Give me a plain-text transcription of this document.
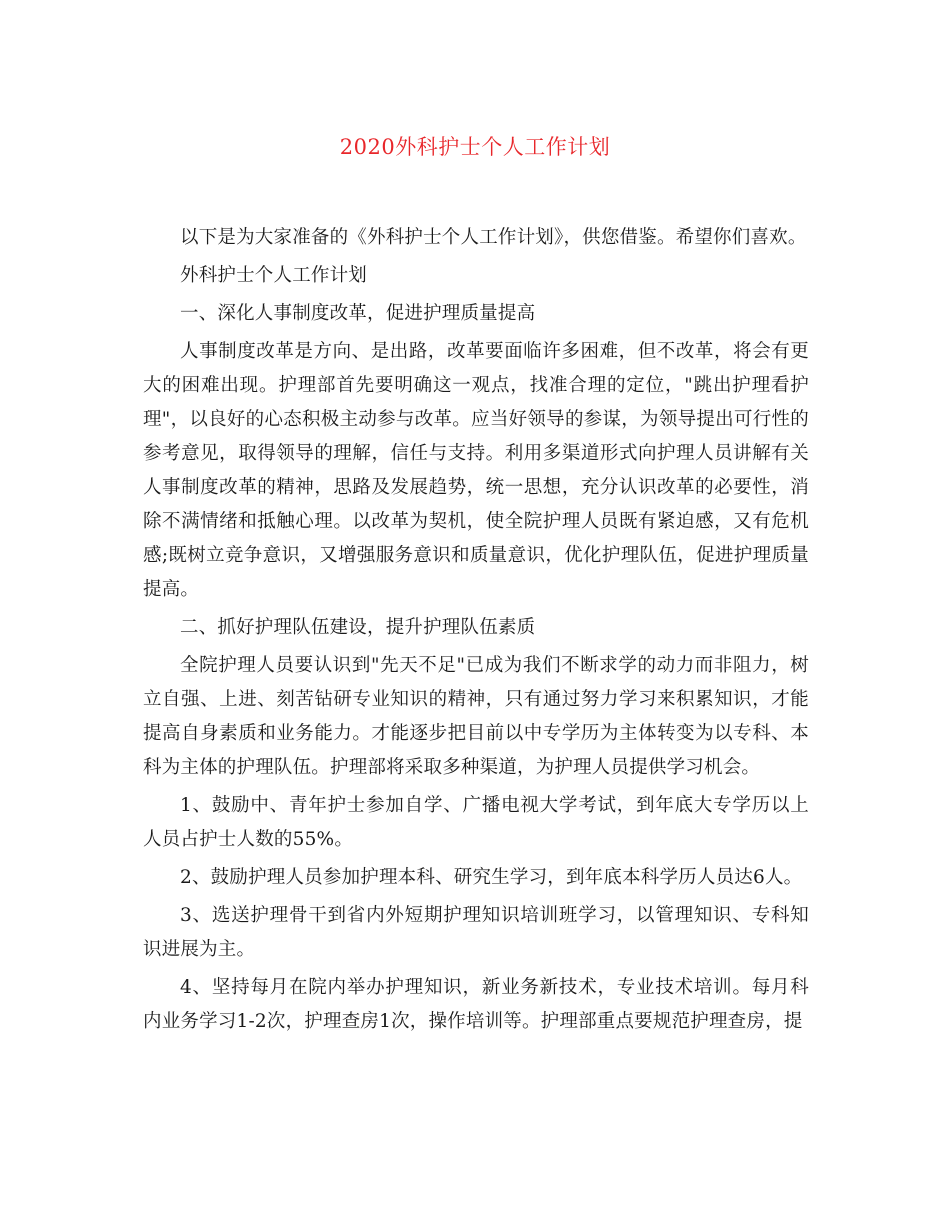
2020外科护士个人工作计划

以下是为大家准备的《外科护士个人工作计划》，供您借鉴。希望你们喜欢。

外科护士个人工作计划

一、深化人事制度改革，促进护理质量提高

人事制度改革是方向、是出路，改革要面临许多困难，但不改革，将会有更大的困难出现。护理部首先要明确这一观点，找准合理的定位，"跳出护理看护理"，以良好的心态积极主动参与改革。应当好领导的参谋，为领导提出可行性的参考意见，取得领导的理解，信任与支持。利用多渠道形式向护理人员讲解有关人事制度改革的精神，思路及发展趋势，统一思想，充分认识改革的必要性，消除不满情绪和抵触心理。以改革为契机，使全院护理人员既有紧迫感，又有危机感;既树立竞争意识，又增强服务意识和质量意识，优化护理队伍，促进护理质量提高。

二、抓好护理队伍建设，提升护理队伍素质

全院护理人员要认识到"先天不足"已成为我们不断求学的动力而非阻力，树立自强、上进、刻苦钻研专业知识的精神，只有通过努力学习来积累知识，才能提高自身素质和业务能力。才能逐步把目前以中专学历为主体转变为以专科、本科为主体的护理队伍。护理部将采取多种渠道，为护理人员提供学习机会。

1、鼓励中、青年护士参加自学、广播电视大学考试，到年底大专学历以上人员占护士人数的55%。

2、鼓励护理人员参加护理本科、研究生学习，到年底本科学历人员达6人。

3、选送护理骨干到省内外短期护理知识培训班学习，以管理知识、专科知识进展为主。

4、坚持每月在院内举办护理知识，新业务新技术，专业技术培训。每月科内业务学习1-2次，护理查房1次，操作培训等。护理部重点要规范护理查房，提
